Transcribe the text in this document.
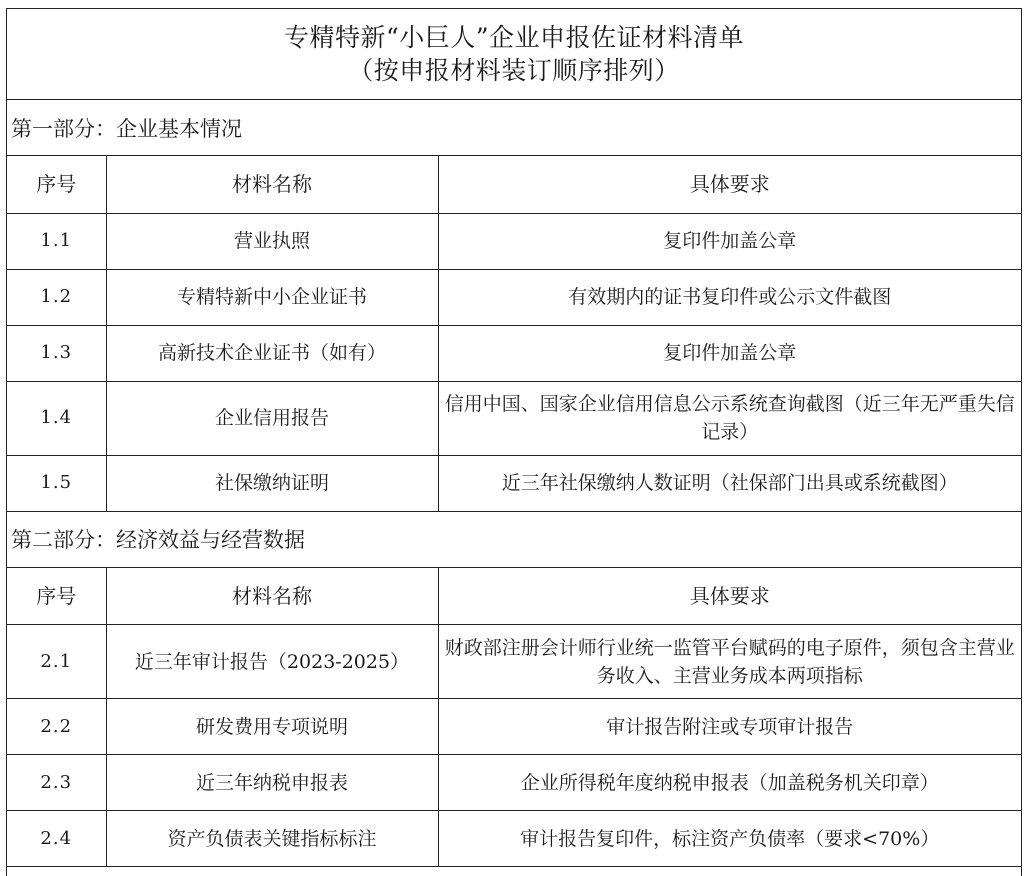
专精特新“小巨人”企业申报佐证材料清单
（按申报材料装订顺序排列）
第一部分：企业基本情况
序号	材料名称	具体要求
1.1	营业执照	复印件加盖公章
1.2	专精特新中小企业证书	有效期内的证书复印件或公示文件截图
1.3	高新技术企业证书（如有）	复印件加盖公章
1.4	企业信用报告	信用中国、国家企业信用信息公示系统查询截图（近三年无严重失信记录）
1.5	社保缴纳证明	近三年社保缴纳人数证明（社保部门出具或系统截图）
第二部分：经济效益与经营数据
序号	材料名称	具体要求
2.1	近三年审计报告（2023-2025）	财政部注册会计师行业统一监管平台赋码的电子原件，须包含主营业务收入、主营业务成本两项指标
2.2	研发费用专项说明	审计报告附注或专项审计报告
2.3	近三年纳税申报表	企业所得税年度纳税申报表（加盖税务机关印章）
2.4	资产负债表关键指标标注	审计报告复印件，标注资产负债率（要求<70%）
